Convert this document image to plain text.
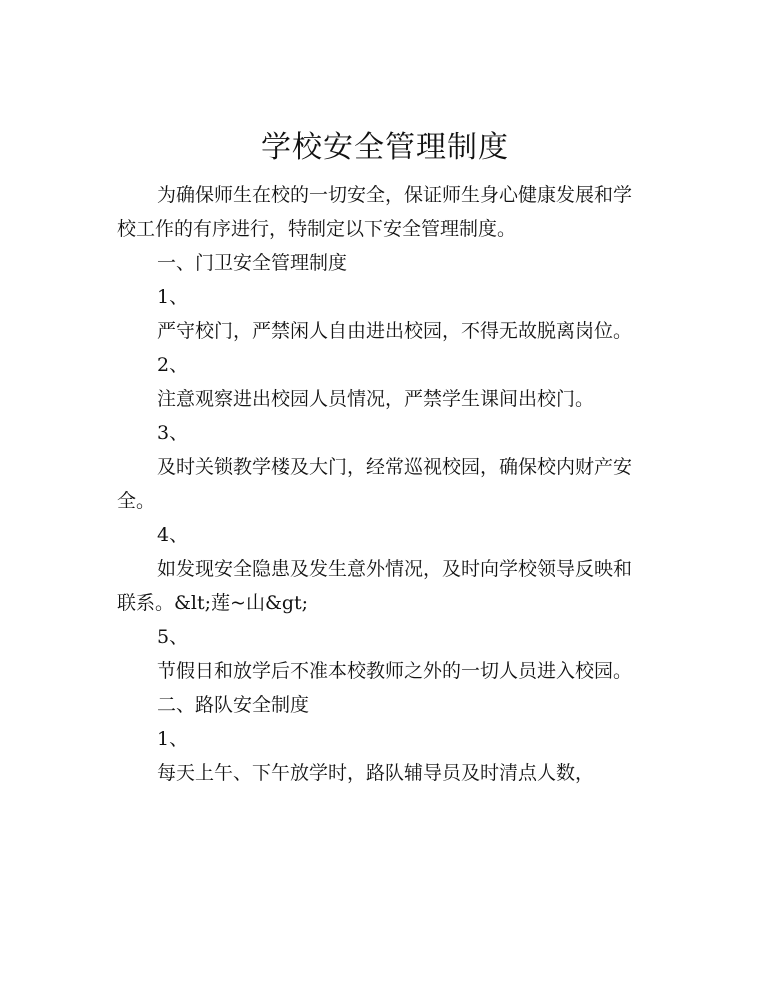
学校安全管理制度

为确保师生在校的一切安全，保证师生身心健康发展和学校工作的有序进行，特制定以下安全管理制度。

一、门卫安全管理制度

1、

严守校门，严禁闲人自由进出校园，不得无故脱离岗位。

2、

注意观察进出校园人员情况，严禁学生课间出校门。

3、

及时关锁教学楼及大门，经常巡视校园，确保校内财产安全。

4、

如发现安全隐患及发生意外情况，及时向学校领导反映和联系。&lt;莲~山&gt;

5、

节假日和放学后不准本校教师之外的一切人员进入校园。

二、路队安全制度

1、

每天上午、下午放学时，路队辅导员及时清点人数，
